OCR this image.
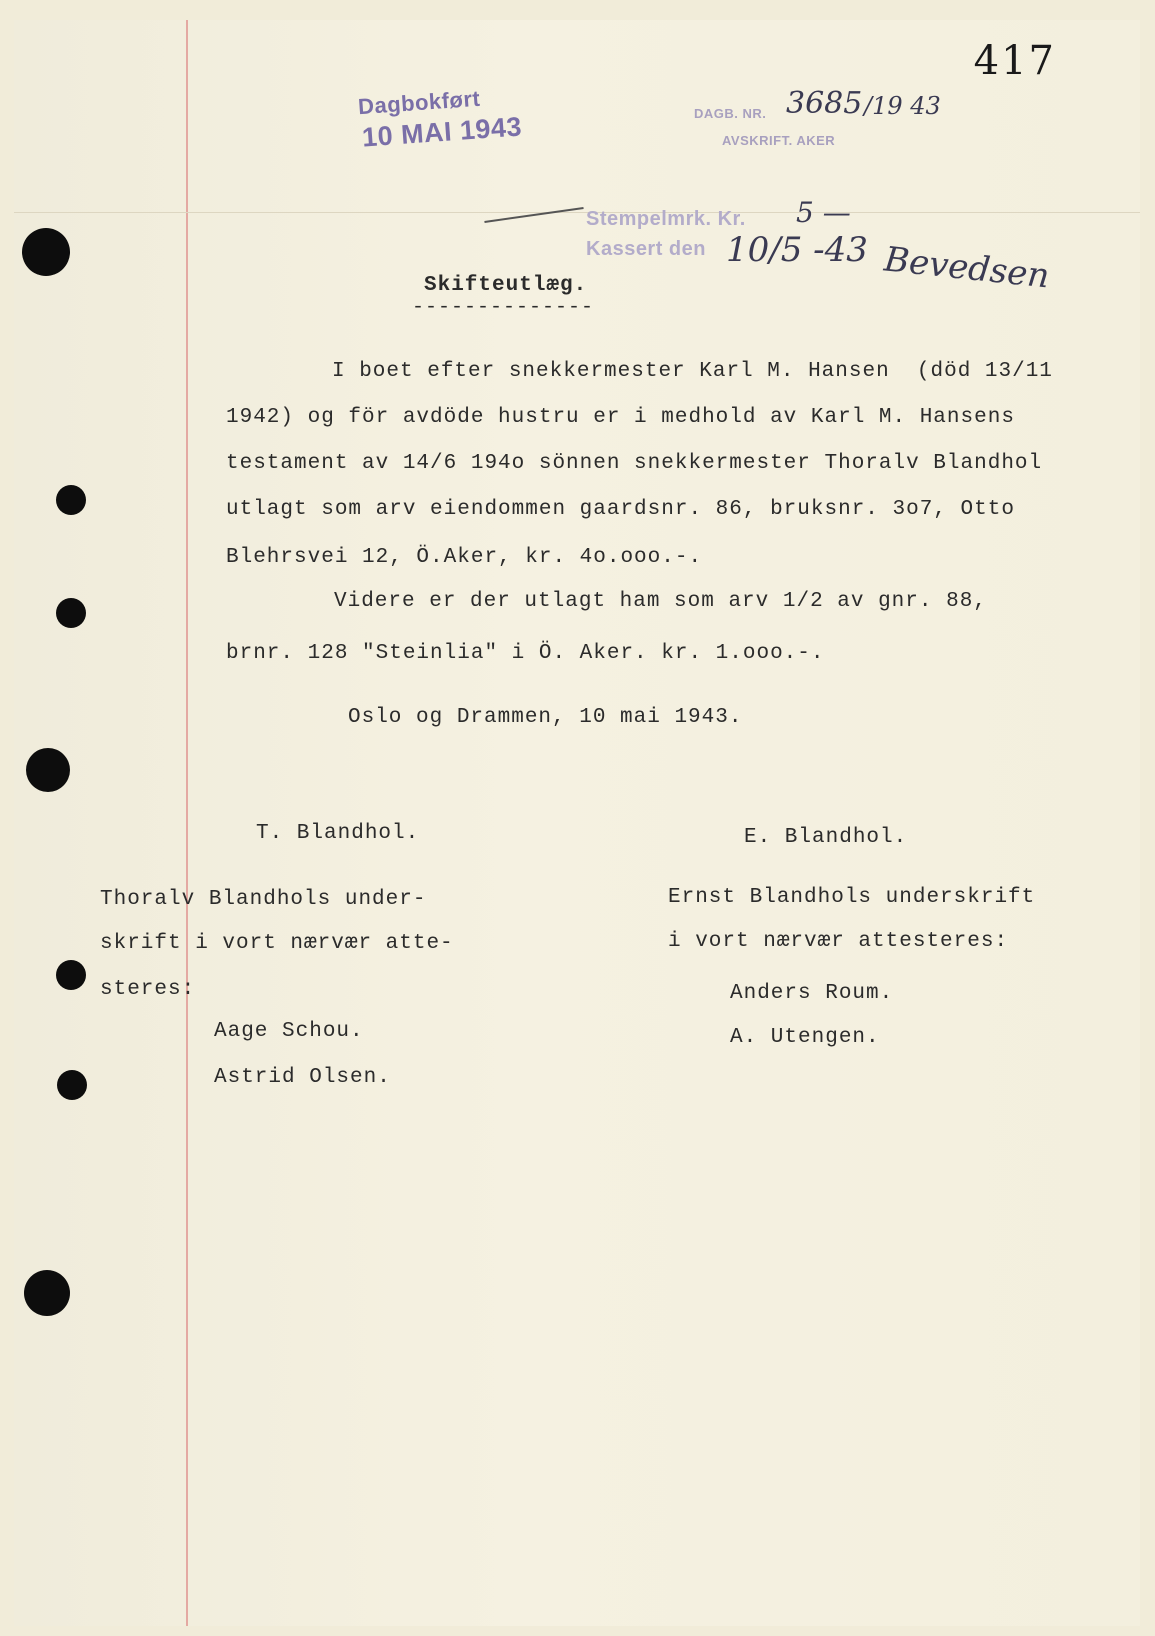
417
Dagbokført
10 MAI 1943	DAGB. NR. 3685 /19 43
AVSKRIFT. AKER
Stempelmrk. Kr. 5 —
Kassert den 10/5 -43 Bevedsen
Skifteutlæg.
--------------
I boet efter snekkermester Karl M. Hansen  (död 13/11
1942) og för avdöde hustru er i medhold av Karl M. Hansens
testament av 14/6 194o sönnen snekkermester Thoralv Blandhol
utlagt som arv eiendommen gaardsnr. 86, bruksnr. 3o7, Otto
Blehrsvei 12, Ö.Aker, kr. 4o.ooo.-.
Videre er der utlagt ham som arv 1/2 av gnr. 88,
brnr. 128 "Steinlia" i Ö. Aker. kr. 1.ooo.-.
Oslo og Drammen, 10 mai 1943.
T. Blandhol.	E. Blandhol.
Thoralv Blandhols under-
skrift i vort nærvær atte-
steres:
Ernst Blandhols underskrift
i vort nærvær attesteres:
Aage Schou.
Astrid Olsen.
Anders Roum.
A. Utengen.
